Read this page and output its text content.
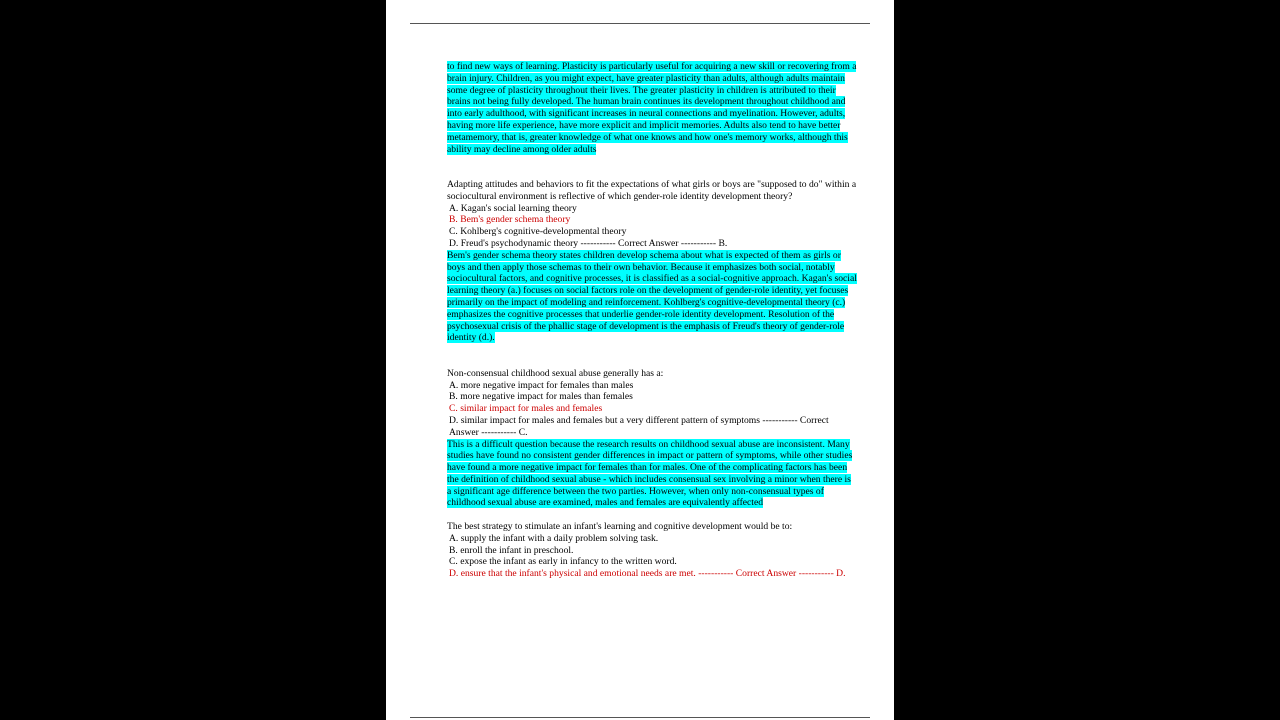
to find new ways of learning. Plasticity is particularly useful for acquiring a new skill or recovering from a brain injury. Children, as you might expect, have greater plasticity than adults, although adults maintain some degree of plasticity throughout their lives. The greater plasticity in children is attributed to their brains not being fully developed. The human brain continues its development throughout childhood and into early adulthood, with significant increases in neural connections and myelination. However, adults, having more life experience, have more explicit and implicit memories. Adults also tend to have better metamemory, that is, greater knowledge of what one knows and how one's memory works, although this ability may decline among older adults

Adapting attitudes and behaviors to fit the expectations of what girls or boys are "supposed to do" within a sociocultural environment is reflective of which gender-role identity development theory?

A. Kagan's social learning theory

B. Bem's gender schema theory

C. Kohlberg's cognitive-developmental theory

D. Freud's psychodynamic theory ----------- Correct Answer ----------- B.

Bem's gender schema theory states children develop schema about what is expected of them as girls or boys and then apply those schemas to their own behavior. Because it emphasizes both social, notably sociocultural factors, and cognitive processes, it is classified as a social-cognitive approach. Kagan's social learning theory (a.) focuses on social factors role on the development of gender-role identity, yet focuses primarily on the impact of modeling and reinforcement. Kohlberg's cognitive-developmental theory (c.) emphasizes the cognitive processes that underlie gender-role identity development. Resolution of the psychosexual crisis of the phallic stage of development is the emphasis of Freud's theory of gender-role identity (d.).

Non-consensual childhood sexual abuse generally has a:

A. more negative impact for females than males

B. more negative impact for males than females

C. similar impact for males and females

D. similar impact for males and females but a very different pattern of symptoms ----------- Correct Answer ----------- C.

This is a difficult question because the research results on childhood sexual abuse are inconsistent. Many studies have found no consistent gender differences in impact or pattern of symptoms, while other studies have found a more negative impact for females than for males. One of the complicating factors has been the definition of childhood sexual abuse - which includes consensual sex involving a minor when there is a significant age difference between the two parties. However, when only non-consensual types of childhood sexual abuse are examined, males and females are equivalently affected

The best strategy to stimulate an infant's learning and cognitive development would be to:

A. supply the infant with a daily problem solving task.

B. enroll the infant in preschool.

C. expose the infant as early in infancy to the written word.

D. ensure that the infant's physical and emotional needs are met. ----------- Correct Answer ----------- D.
